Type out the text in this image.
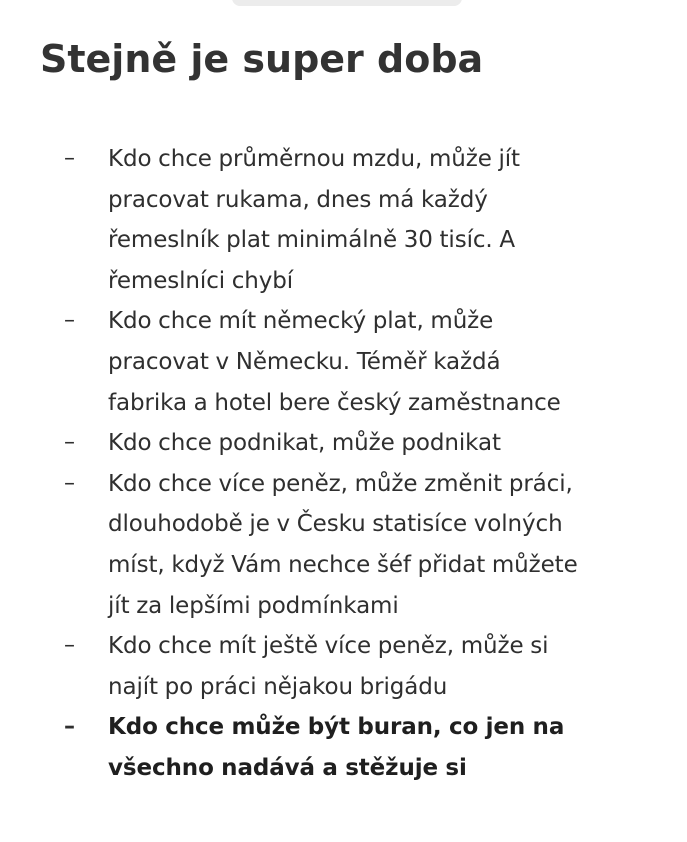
Stejně je super doba
–	Kdo chce průměrnou mzdu, může jít
pracovat rukama, dnes má každý
řemeslník plat minimálně 30 tisíc. A
řemeslníci chybí
–	Kdo chce mít německý plat, může
pracovat v Německu. Téměř každá
fabrika a hotel bere český zaměstnance
–	Kdo chce podnikat, může podnikat
–	Kdo chce více peněz, může změnit práci,
dlouhodobě je v Česku statisíce volných
míst, když Vám nechce šéf přidat můžete
jít za lepšími podmínkami
–	Kdo chce mít ještě více peněz, může si
najít po práci nějakou brigádu
–	Kdo chce může být buran, co jen na
všechno nadává a stěžuje si
